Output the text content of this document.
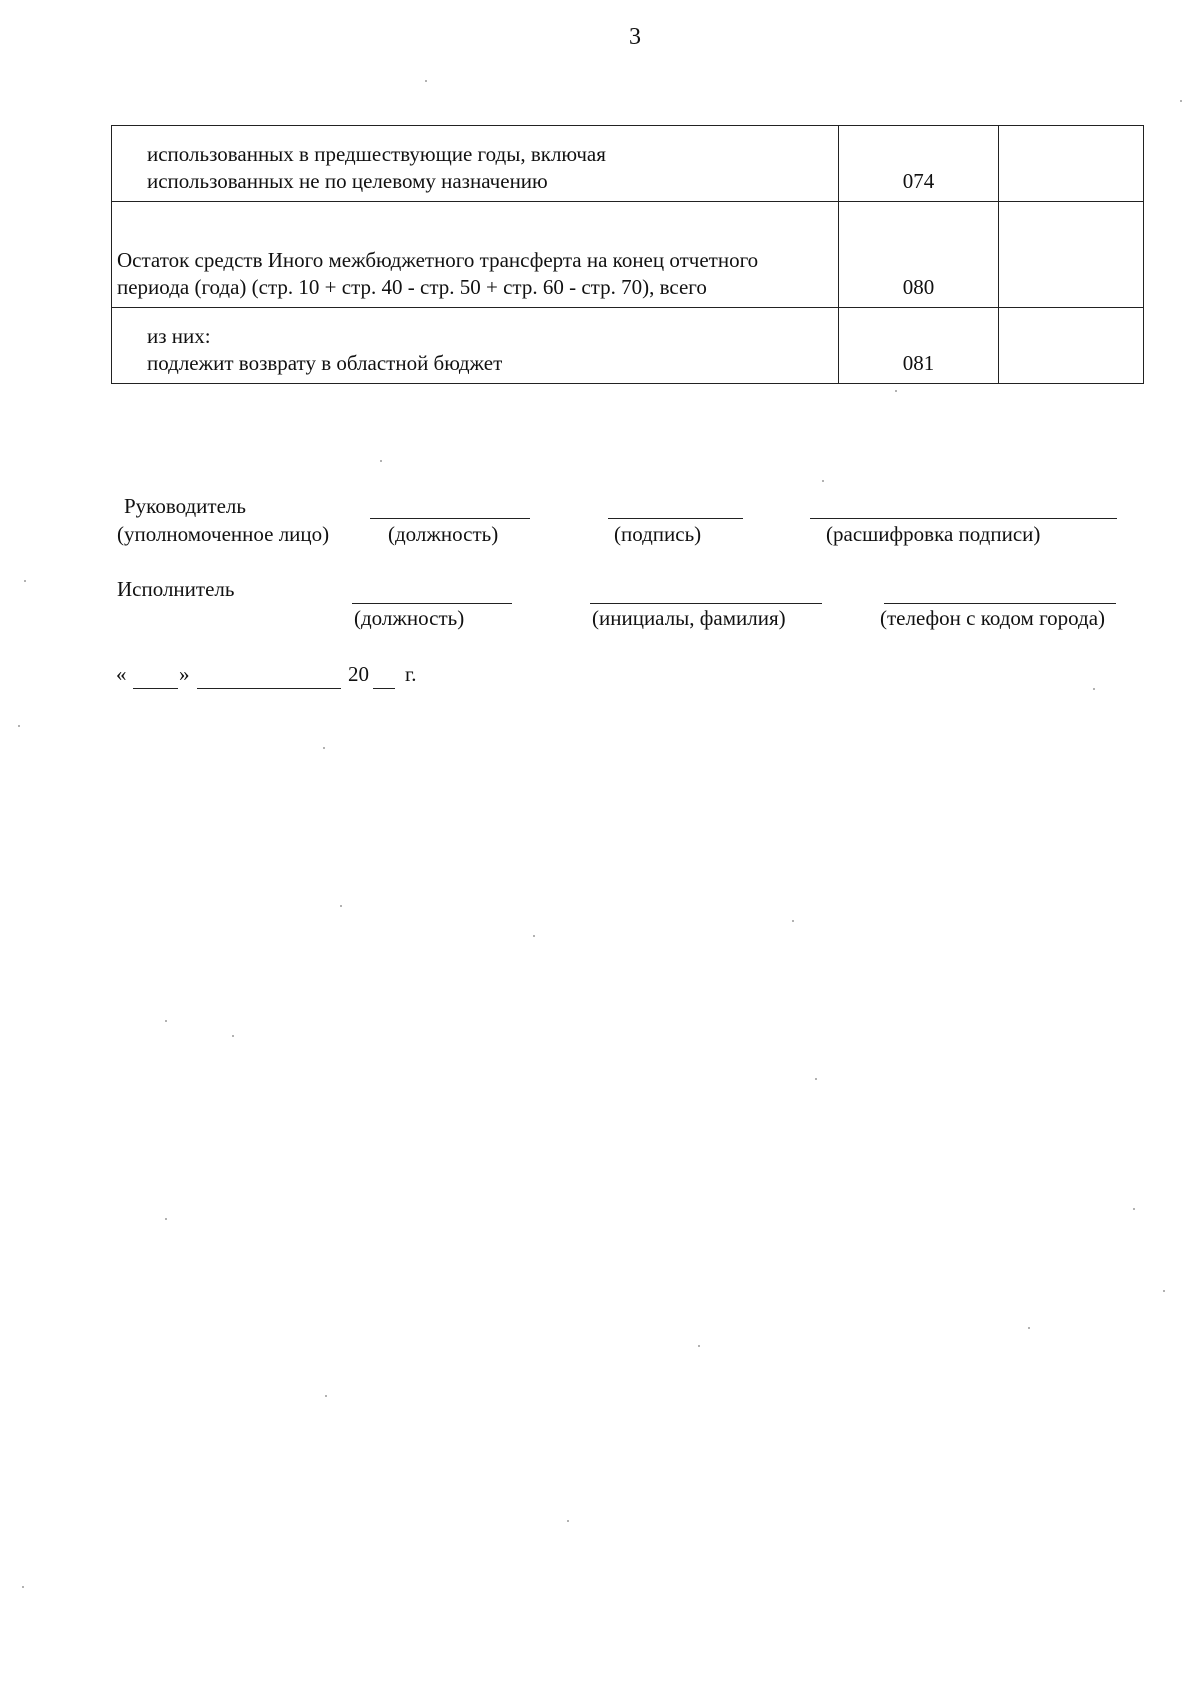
3
использованных в предшествующие годы, включая
использованных не по целевому назначению	074	
Остаток средств Иного межбюджетного трансферта на конец отчетного периода (года) (стр. 10 + стр. 40 - стр. 50 + стр. 60 - стр. 70), всего	080	

из них:
подлежит возврату в областной бюджет	081	
Руководитель
(уполномоченное лицо)	(должность)	(подпись)	(расшифровка подписи)
Исполнитель
(должность)	(инициалы, фамилия)	(телефон с кодом города)
«	»	20 г.
